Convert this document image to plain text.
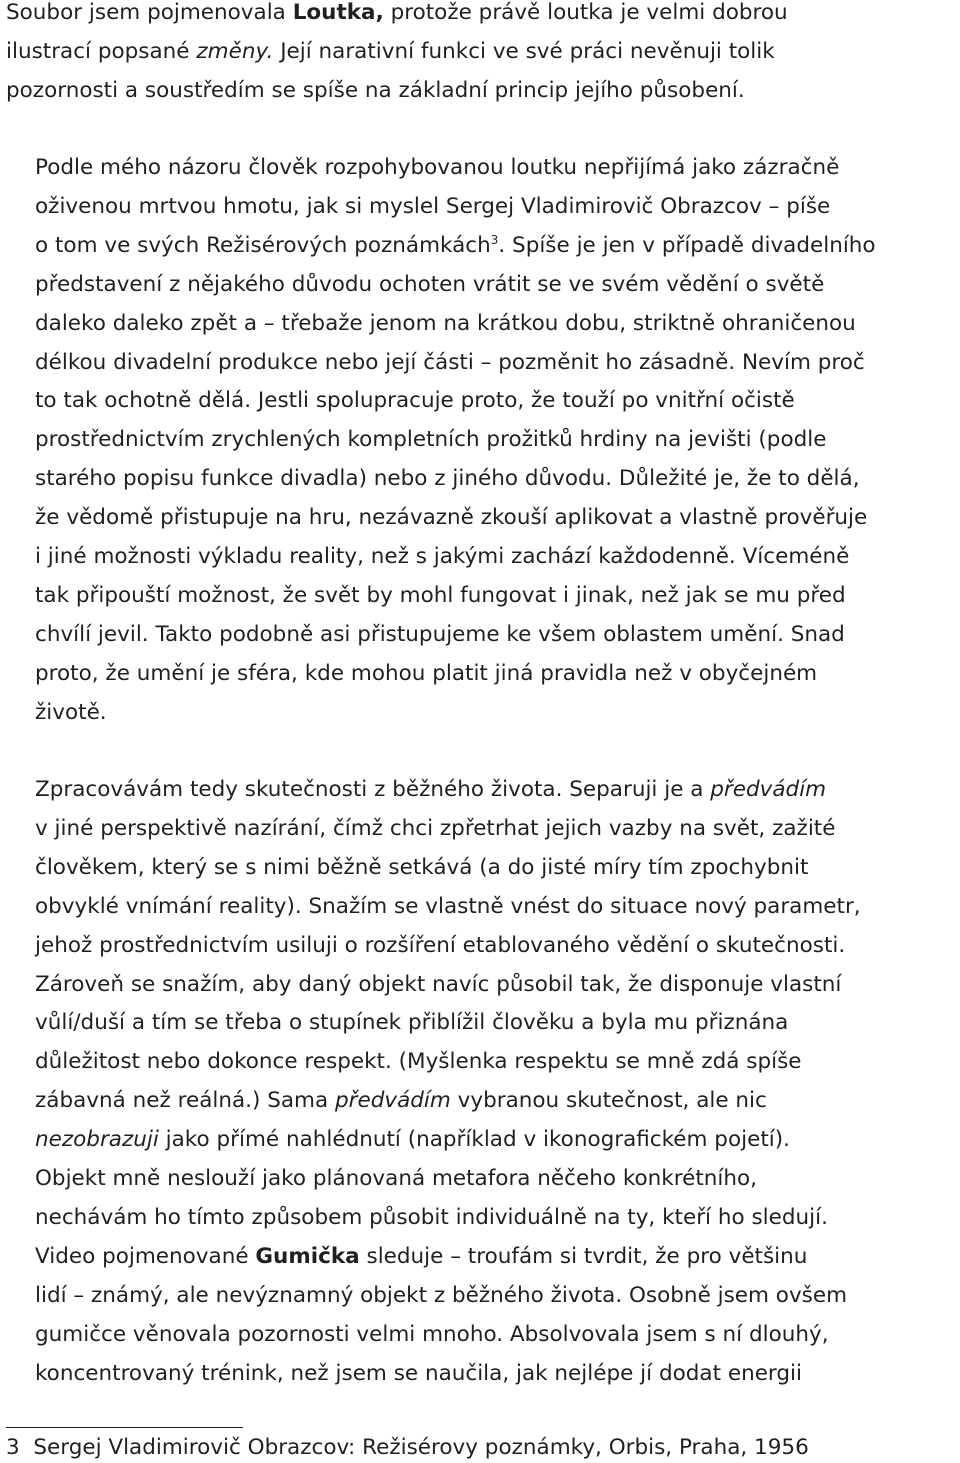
Soubor jsem pojmenovala Loutka, protože právě loutka je velmi dobrou
ilustrací popsané změny. Její narativní funkci ve své práci nevěnuji tolik
pozornosti a soustředím se spíše na základní princip jejího působení.

Podle mého názoru člověk rozpohybovanou loutku nepřijímá jako zázračně
oživenou mrtvou hmotu, jak si myslel Sergej Vladimirovič Obrazcov – píše
o tom ve svých Režisérových poznámkách$^3$. Spíše je jen v případě divadelního
představení z nějakého důvodu ochoten vrátit se ve svém vědění o světě
daleko daleko zpět a – třebaže jenom na krátkou dobu, striktně ohraničenou
délkou divadelní produkce nebo její části – pozměnit ho zásadně. Nevím proč
to tak ochotně dělá. Jestli spolupracuje proto, že touží po vnitřní očistě
prostřednictvím zrychlených kompletních prožitků hrdiny na jevišti (podle
starého popisu funkce divadla) nebo z jiného důvodu. Důležité je, že to dělá,
že vědomě přistupuje na hru, nezávazně zkouší aplikovat a vlastně prověřuje
i jiné možnosti výkladu reality, než s jakými zachází každodenně. Víceméně
tak připouští možnost, že svět by mohl fungovat i jinak, než jak se mu před
chvílí jevil. Takto podobně asi přistupujeme ke všem oblastem umění. Snad
proto, že umění je sféra, kde mohou platit jiná pravidla než v obyčejném
životě.

Zpracovávám tedy skutečnosti z běžného života. Separuji je a předvádím
v jiné perspektivě nazírání, čímž chci zpřetrhat jejich vazby na svět, zažité
člověkem, který se s nimi běžně setkává (a do jisté míry tím zpochybnit
obvyklé vnímání reality). Snažím se vlastně vnést do situace nový parametr,
jehož prostřednictvím usiluji o rozšíření etablovaného vědění o skutečnosti.
Zároveň se snažím, aby daný objekt navíc působil tak, že disponuje vlastní
vůlí/duší a tím se třeba o stupínek přiblížil člověku a byla mu přiznána
důležitost nebo dokonce respekt. (Myšlenka respektu se mně zdá spíše
zábavná než reálná.) Sama předvádím vybranou skutečnost, ale nic
nezobrazuji jako přímé nahlédnutí (například v ikonografickém pojetí).
Objekt mně neslouží jako plánovaná metafora něčeho konkrétního,
nechávám ho tímto způsobem působit individuálně na ty, kteří ho sledují.

Video pojmenované Gumička sleduje – troufám si tvrdit, že pro většinu
lidí – známý, ale nevýznamný objekt z běžného života. Osobně jsem ovšem
gumičce věnovala pozornosti velmi mnoho. Absolvovala jsem s ní dlouhý,
koncentrovaný trénink, než jsem se naučila, jak nejlépe jí dodat energii

3 Sergej Vladimirovič Obrazcov: Režisérovy poznámky, Orbis, Praha, 1956
